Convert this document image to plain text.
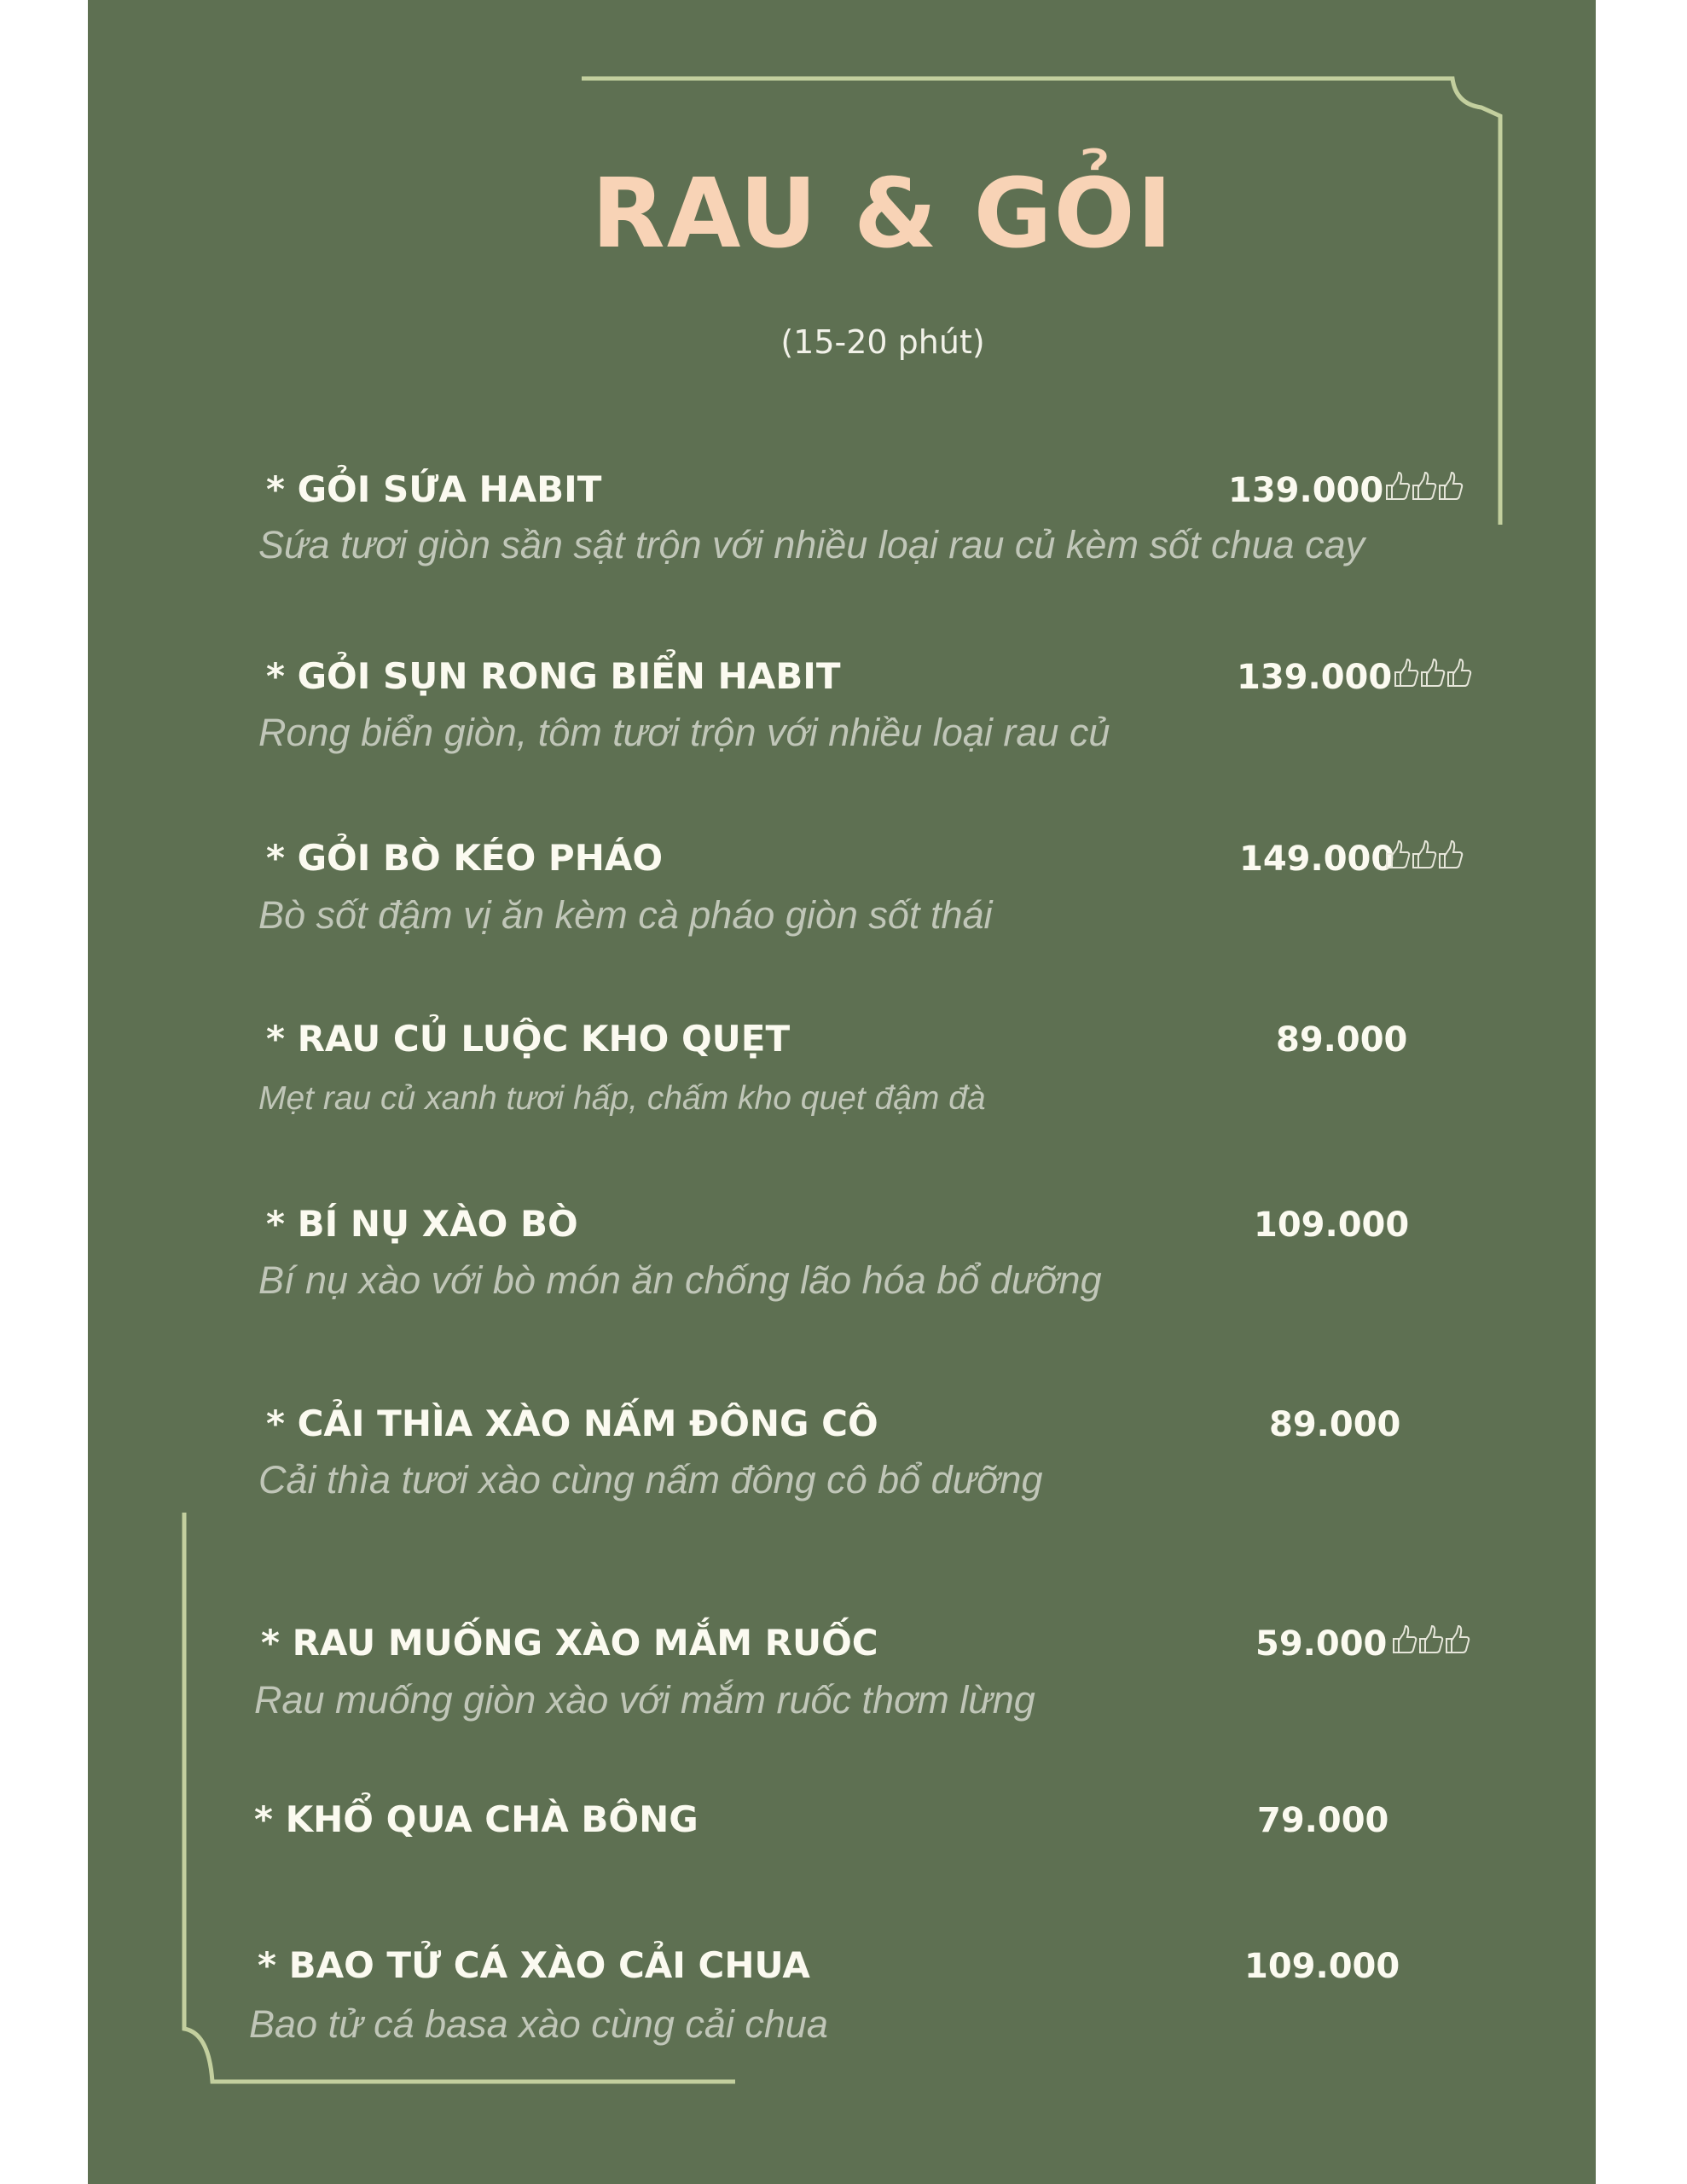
RAU & GỎI
(15-20 phút)
* GỎI SỨA HABIT	139.000
Sứa tươi giòn sần sật trộn với nhiều loại rau củ kèm sốt chua cay
* GỎI SỤN RONG BIỂN HABIT	139.000
Rong biển giòn, tôm tươi trộn với nhiều loại rau củ
* GỎI BÒ KÉO PHÁO	149.000
Bò sốt đậm vị ăn kèm cà pháo giòn sốt thái
* RAU CỦ LUỘC KHO QUẸT	89.000
Mẹt rau củ xanh tươi hấp, chấm kho quẹt đậm đà
* BÍ NỤ XÀO BÒ	109.000
Bí nụ xào với bò món ăn chống lão hóa bổ dưỡng
* CẢI THÌA XÀO NẤM ĐÔNG CÔ	89.000
Cải thìa tươi xào cùng nấm đông cô bổ dưỡng
* RAU MUỐNG XÀO MẮM RUỐC	59.000
Rau muống giòn xào với mắm ruốc thơm lừng
* KHỔ QUA CHÀ BÔNG	79.000
* BAO TỬ CÁ XÀO CẢI CHUA	109.000
Bao tử cá basa xào cùng cải chua
